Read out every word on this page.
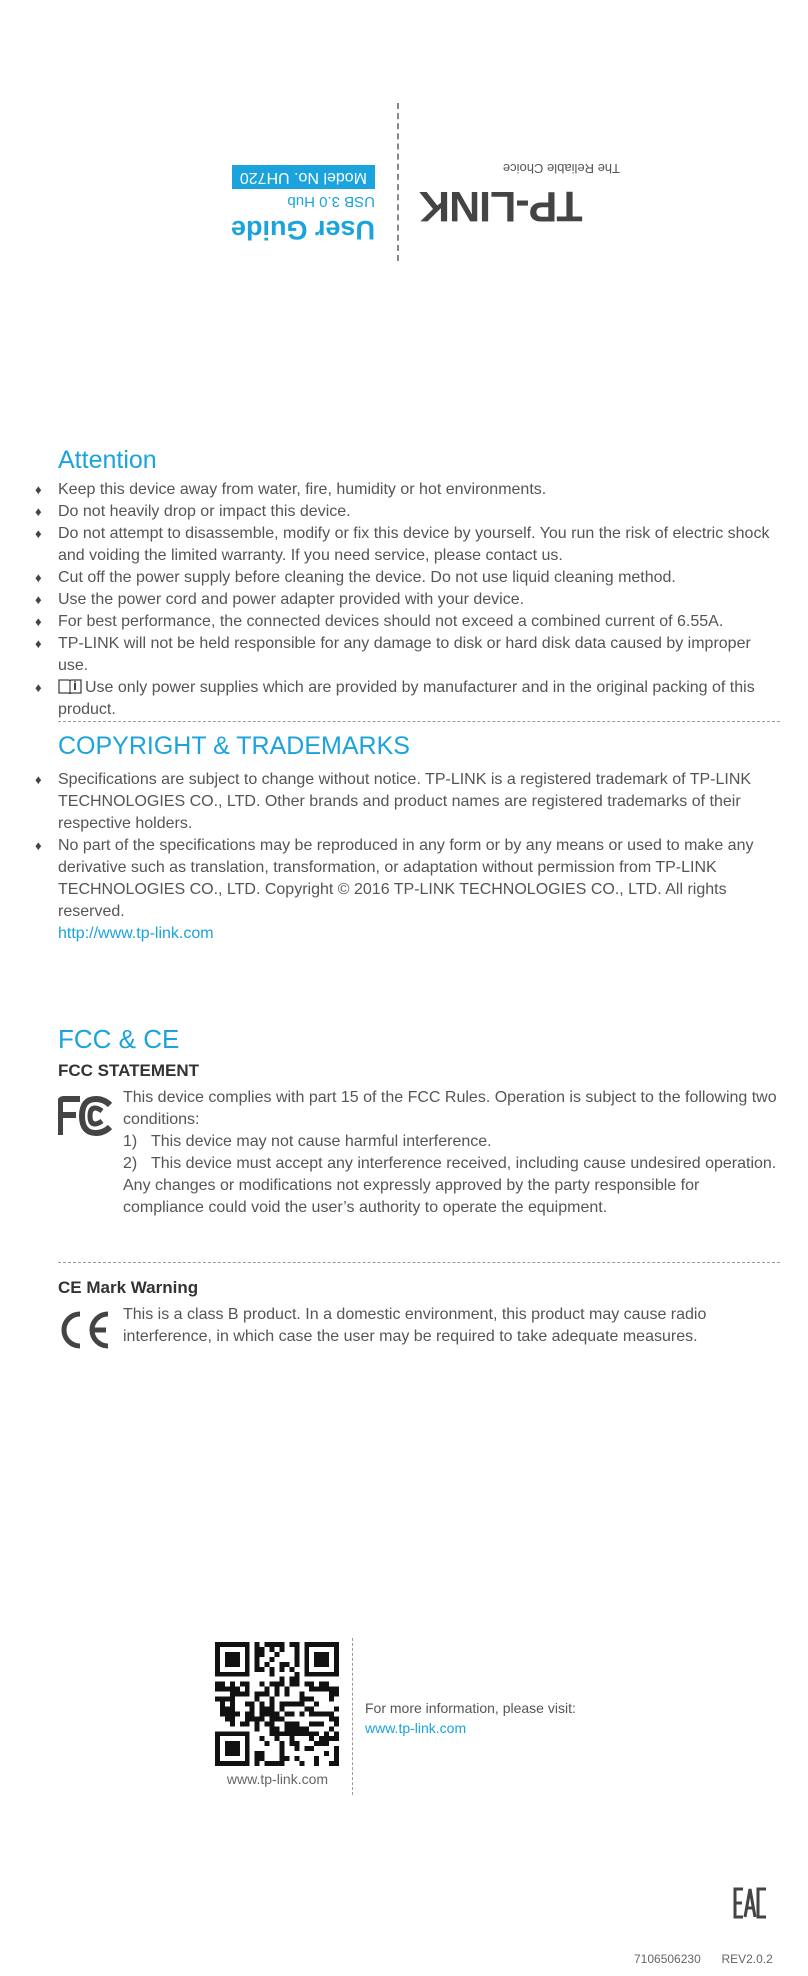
TP-LINK
The Reliable Choice
User Guide
USB 3.0 Hub
Model No. UH720
Attention

♦ Keep this device away from water, fire, humidity or hot environments.

♦ Do not heavily drop or impact this device.

♦ Do not attempt to disassemble, modify or fix this device by yourself. You run the risk of electric shock and voiding the limited warranty. If you need service, please contact us.

♦ Cut off the power supply before cleaning the device. Do not use liquid cleaning method.

♦ Use the power cord and power adapter provided with your device.

♦ For best performance, the connected devices should not exceed a combined current of 6.55A.

♦ TP-LINK will not be held responsible for any damage to disk or hard disk data caused by improper use.

♦	Use only power supplies which are provided by manufacturer and in the original packing of this product.

COPYRIGHT & TRADEMARKS

♦ Specifications are subject to change without notice. TP-LINK is a registered trademark of TP-LINK TECHNOLOGIES CO., LTD. Other brands and product names are registered trademarks of their respective holders.

♦ No part of the specifications may be reproduced in any form or by any means or used to make any derivative such as translation, transformation, or adaptation without permission from TP-LINK TECHNOLOGIES CO., LTD. Copyright © 2016 TP-LINK TECHNOLOGIES CO., LTD. All rights reserved.

http://www.tp-link.com
FCC & CE
FCC STATEMENT
This device complies with part 15 of the FCC Rules. Operation is subject to the following two conditions:
1) This device may not cause harmful interference.
2) This device must accept any interference received, including cause undesired operation.
Any changes or modifications not expressly approved by the party responsible for compliance could void the user’s authority to operate the equipment.
CE Mark Warning
This is a class B product. In a domestic environment, this product may cause radio interference, in which case the user may be required to take adequate measures.
www.tp-link.com
For more information, please visit:
www.tp-link.com
7106506230 REV2.0.2
